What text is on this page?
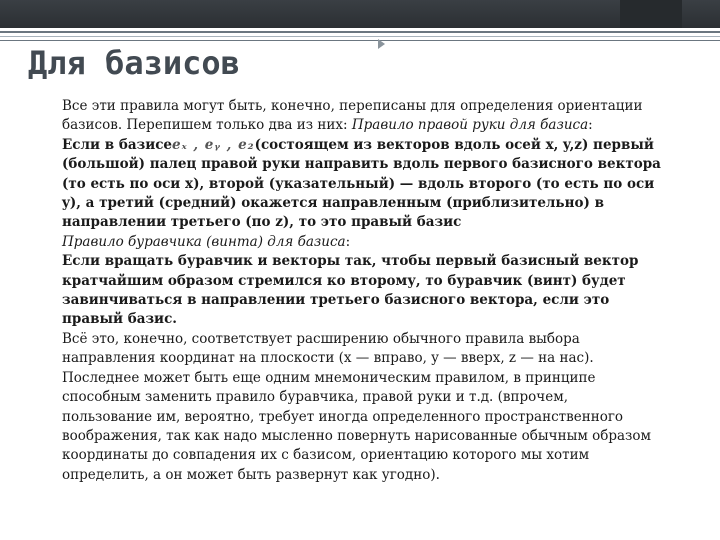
Для базисов

Все эти правила могут быть, конечно, переписаны для определения ориентации базисов. Перепишем только два из них: Правило правой руки для базиса:

Если в базисеeₓ , eᵧ , e₂(состоящем из векторов вдоль осей x, y,z) первый (большой) палец правой руки направить вдоль первого базисного вектора (то есть по оси x), второй (указательный) — вдоль второго (то есть по оси y), а третий (средний) окажется направленным (приблизительно) в направлении третьего (по z), то это правый базис

Правило буравчика (винта) для базиса:

Если вращать буравчик и векторы так, чтобы первый базисный вектор кратчайшим образом стремился ко второму, то буравчик (винт) будет завинчиваться в направлении третьего базисного вектора, если это правый базис.

Всё это, конечно, соответствует расширению обычного правила выбора направления координат на плоскости (x — вправо, y — вверх, z — на нас). Последнее может быть еще одним мнемоническим правилом, в принципе способным заменить правило буравчика, правой руки и т.д. (впрочем, пользование им, вероятно, требует иногда определенного пространственного воображения, так как надо мысленно повернуть нарисованные обычным образом координаты до совпадения их с базисом, ориентацию которого мы хотим определить, а он может быть развернут как угодно).
